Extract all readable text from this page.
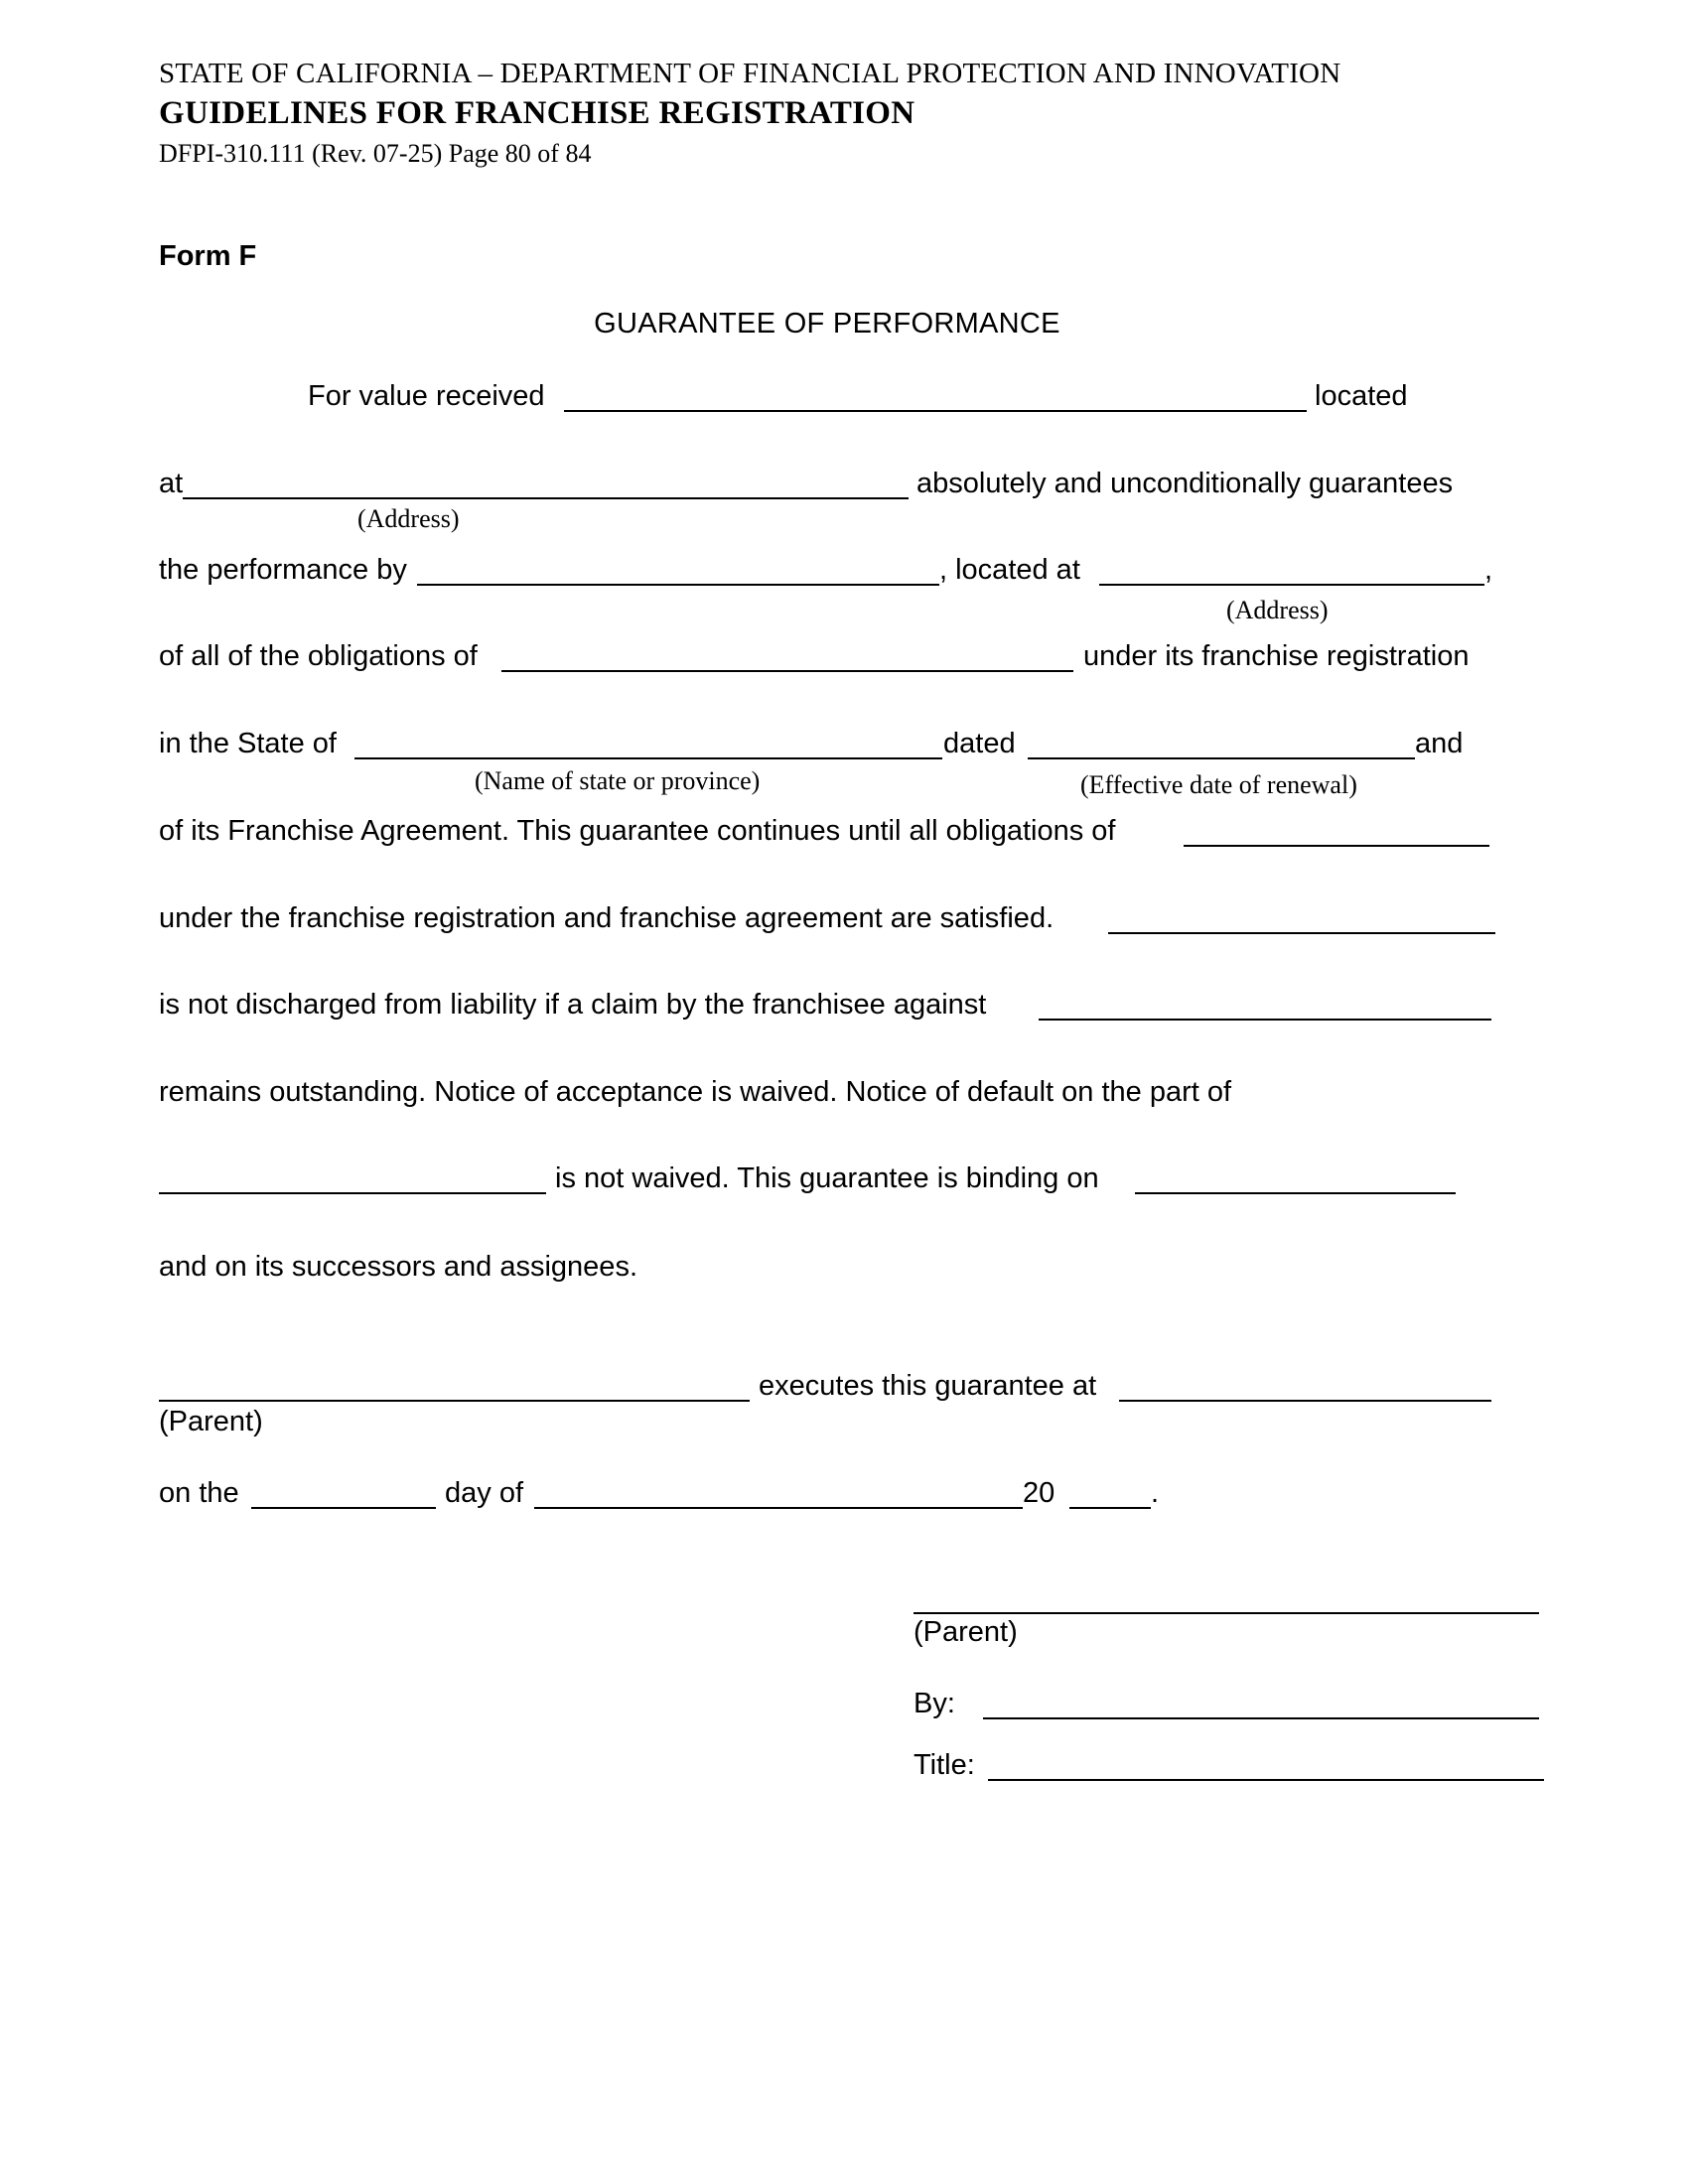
STATE OF CALIFORNIA – DEPARTMENT OF FINANCIAL PROTECTION AND INNOVATION
GUIDELINES FOR FRANCHISE REGISTRATION
DFPI-310.111 (Rev. 07-25) Page 80 of 84
Form F
GUARANTEE OF PERFORMANCE
For value received	located
at	absolutely and unconditionally guarantees
(Address)
the performance by	, located at	,
(Address)
of all of the obligations of	under its franchise registration
in the State of	dated	and
(Name of state or province)	(Effective date of renewal)
of its Franchise Agreement. This guarantee continues until all obligations of
under the franchise registration and franchise agreement are satisfied.
is not discharged from liability if a claim by the franchisee against
remains outstanding. Notice of acceptance is waived. Notice of default on the part of
is not waived. This guarantee is binding on
and on its successors and assignees.
executes this guarantee at
(Parent)
on the	day of	20	.
(Parent)
By:
Title:
